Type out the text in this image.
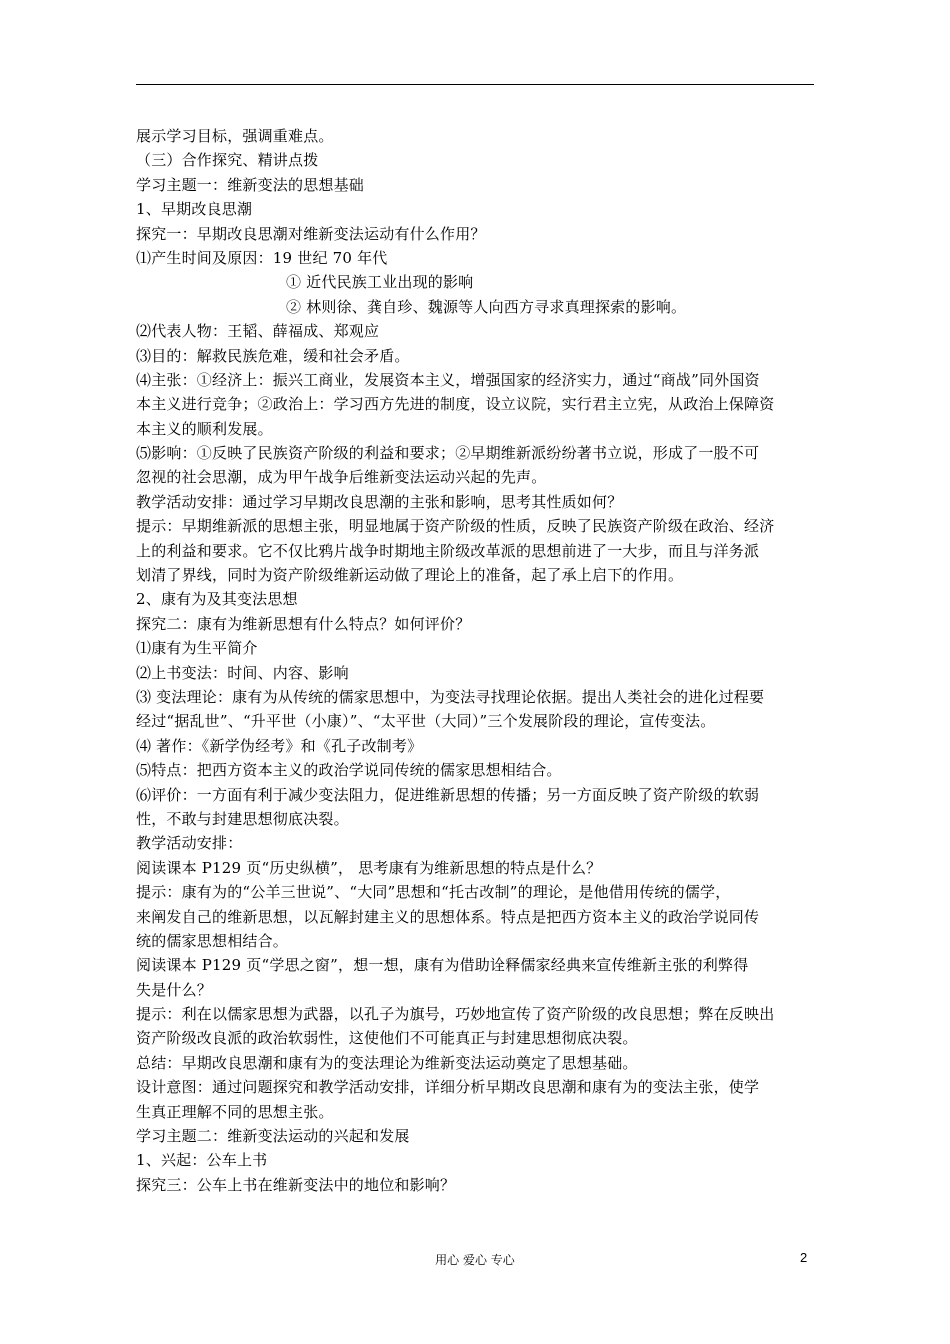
展示学习目标，强调重难点。
（三）合作探究、精讲点拨
学习主题一：维新变法的思想基础
1、早期改良思潮
探究一：早期改良思潮对维新变法运动有什么作用？
⑴产生时间及原因：19 世纪 70 年代
① 近代民族工业出现的影响
② 林则徐、龚自珍、魏源等人向西方寻求真理探索的影响。
⑵代表人物：王韬、薛福成、郑观应
⑶目的：解救民族危难，缓和社会矛盾。
⑷主张：①经济上：振兴工商业，发展资本主义，增强国家的经济实力，通过“商战”同外国资
本主义进行竞争；②政治上：学习西方先进的制度，设立议院，实行君主立宪，从政治上保障资
本主义的顺利发展。
⑸影响：①反映了民族资产阶级的利益和要求；②早期维新派纷纷著书立说，形成了一股不可
忽视的社会思潮，成为甲午战争后维新变法运动兴起的先声。
教学活动安排：通过学习早期改良思潮的主张和影响，思考其性质如何？
提示：早期维新派的思想主张，明显地属于资产阶级的性质，反映了民族资产阶级在政治、经济
上的利益和要求。它不仅比鸦片战争时期地主阶级改革派的思想前进了一大步，而且与洋务派
划清了界线，同时为资产阶级维新运动做了理论上的准备，起了承上启下的作用。
2、康有为及其变法思想
探究二：康有为维新思想有什么特点？如何评价？
⑴康有为生平简介
⑵上书变法：时间、内容、影响
⑶ 变法理论：康有为从传统的儒家思想中，为变法寻找理论依据。提出人类社会的进化过程要
经过“据乱世”、“升平世（小康）”、“太平世（大同）”三个发展阶段的理论，宣传变法。
⑷ 著作：《新学伪经考》和《孔子改制考》
⑸特点：把西方资本主义的政治学说同传统的儒家思想相结合。
⑹评价：一方面有利于减少变法阻力，促进维新思想的传播；另一方面反映了资产阶级的软弱
性，不敢与封建思想彻底决裂。
教学活动安排：
阅读课本 P129 页“历史纵横”， 思考康有为维新思想的特点是什么？
提示：康有为的“公羊三世说”、“大同”思想和“托古改制”的理论，是他借用传统的儒学，
来阐发自己的维新思想，以瓦解封建主义的思想体系。特点是把西方资本主义的政治学说同传
统的儒家思想相结合。
阅读课本 P129 页“学思之窗”，想一想，康有为借助诠释儒家经典来宣传维新主张的利弊得
失是什么？
提示：利在以儒家思想为武器，以孔子为旗号，巧妙地宣传了资产阶级的改良思想；弊在反映出
资产阶级改良派的政治软弱性，这使他们不可能真正与封建思想彻底决裂。
总结：早期改良思潮和康有为的变法理论为维新变法运动奠定了思想基础。
设计意图：通过问题探究和教学活动安排，详细分析早期改良思潮和康有为的变法主张，使学
生真正理解不同的思想主张。
学习主题二：维新变法运动的兴起和发展
1、兴起：公车上书
探究三：公车上书在维新变法中的地位和影响？
用心 爱心 专心	2
